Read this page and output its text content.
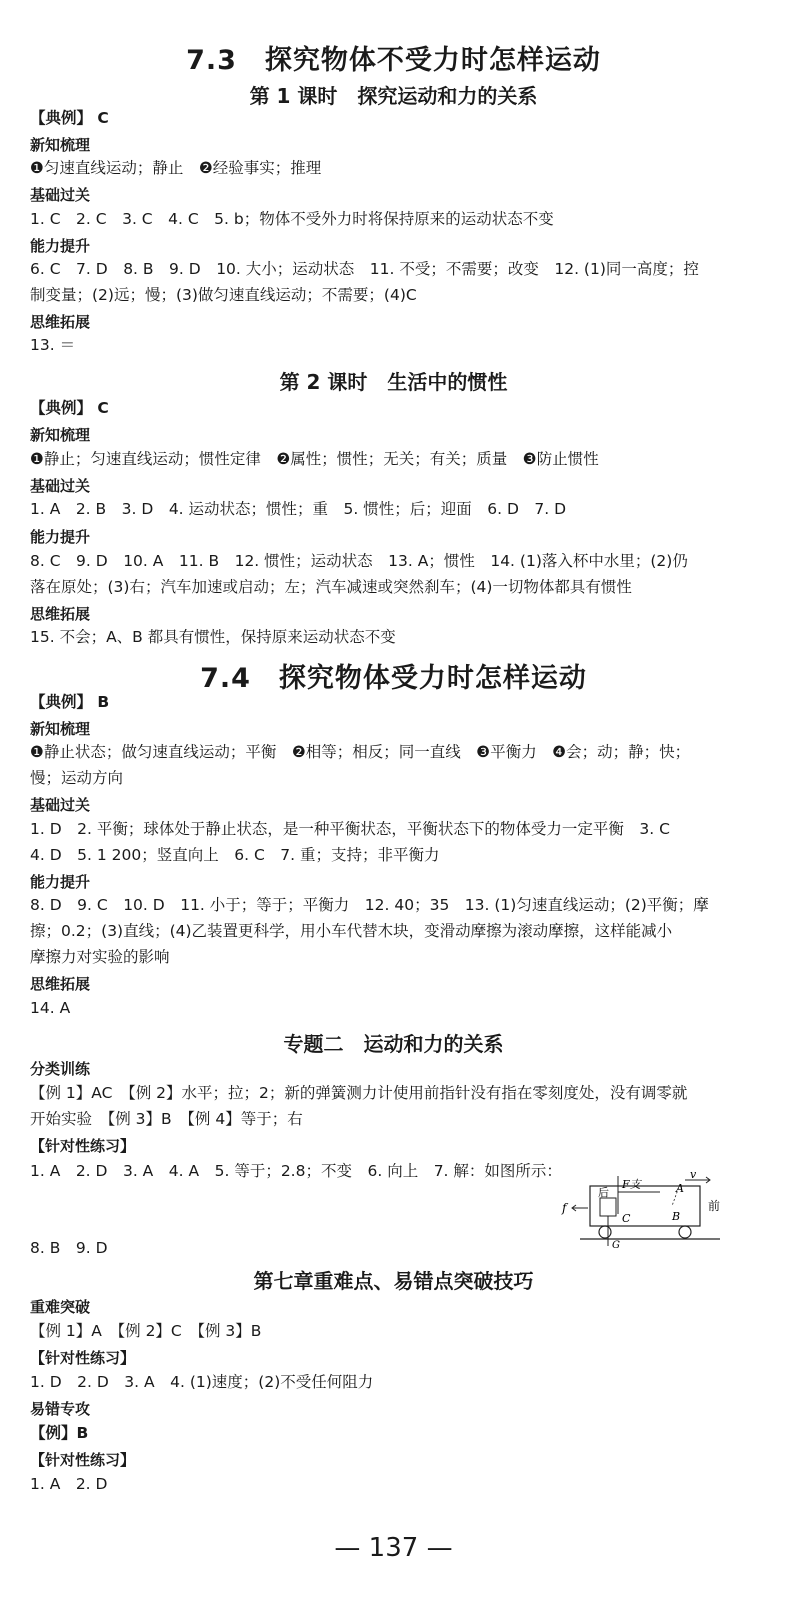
7.3　探究物体不受力时怎样运动
第 1 课时　探究运动和力的关系
【典例】 C
新知梳理
❶匀速直线运动；静止　❷经验事实；推理
基础过关
1. C　2. C　3. C　4. C　5. b；物体不受外力时将保持原来的运动状态不变
能力提升
6. C　7. D　8. B　9. D　10. 大小；运动状态　11. 不受；不需要；改变　12. (1)同一高度；控
制变量；(2)远；慢；(3)做匀速直线运动；不需要；(4)C
思维拓展
13. ＝
第 2 课时　生活中的惯性
【典例】 C
新知梳理
❶静止；匀速直线运动；惯性定律　❷属性；惯性；无关；有关；质量　❸防止惯性
基础过关
1. A　2. B　3. D　4. 运动状态；惯性；重　5. 惯性；后；迎面　6. D　7. D
能力提升
8. C　9. D　10. A　11. B　12. 惯性；运动状态　13. A；惯性　14. (1)落入杯中水里；(2)仍
落在原处；(3)右；汽车加速或启动；左；汽车减速或突然刹车；(4)一切物体都具有惯性
思维拓展
15. 不会；A、B 都具有惯性，保持原来运动状态不变
7.4　探究物体受力时怎样运动
【典例】 B
新知梳理
❶静止状态；做匀速直线运动；平衡　❷相等；相反；同一直线　❸平衡力　❹会；动；静；快；
慢；运动方向
基础过关
1. D　2. 平衡；球体处于静止状态，是一种平衡状态，平衡状态下的物体受力一定平衡　3. C
4. D　5. 1 200；竖直向上　6. C　7. 重；支持；非平衡力
能力提升
8. D　9. C　10. D　11. 小于；等于；平衡力　12. 40；35　13. (1)匀速直线运动；(2)平衡；摩
擦；0.2；(3)直线；(4)乙装置更科学，用小车代替木块，变滑动摩擦为滚动摩擦，这样能减小
摩擦力对实验的影响
思维拓展
14. A
专题二　运动和力的关系
分类训练
【例 1】AC　【例 2】水平；拉；2；新的弹簧测力计使用前指针没有指在零刻度处，没有调零就
开始实验　【例 3】B　【例 4】等于；右
【针对性练习】
1. A　2. D　3. A　4. A　5. 等于；2.8；不变　6. 向上　7. 解：如图所示：
f
后
F支	A
v
C	B
前
G
8. B　9. D
第七章重难点、易错点突破技巧
重难突破
【例 1】A　【例 2】C　【例 3】B
【针对性练习】
1. D　2. D　3. A　4. (1)速度；(2)不受任何阻力
易错专攻
【例】B
【针对性练习】
1. A　2. D
— 137 —
